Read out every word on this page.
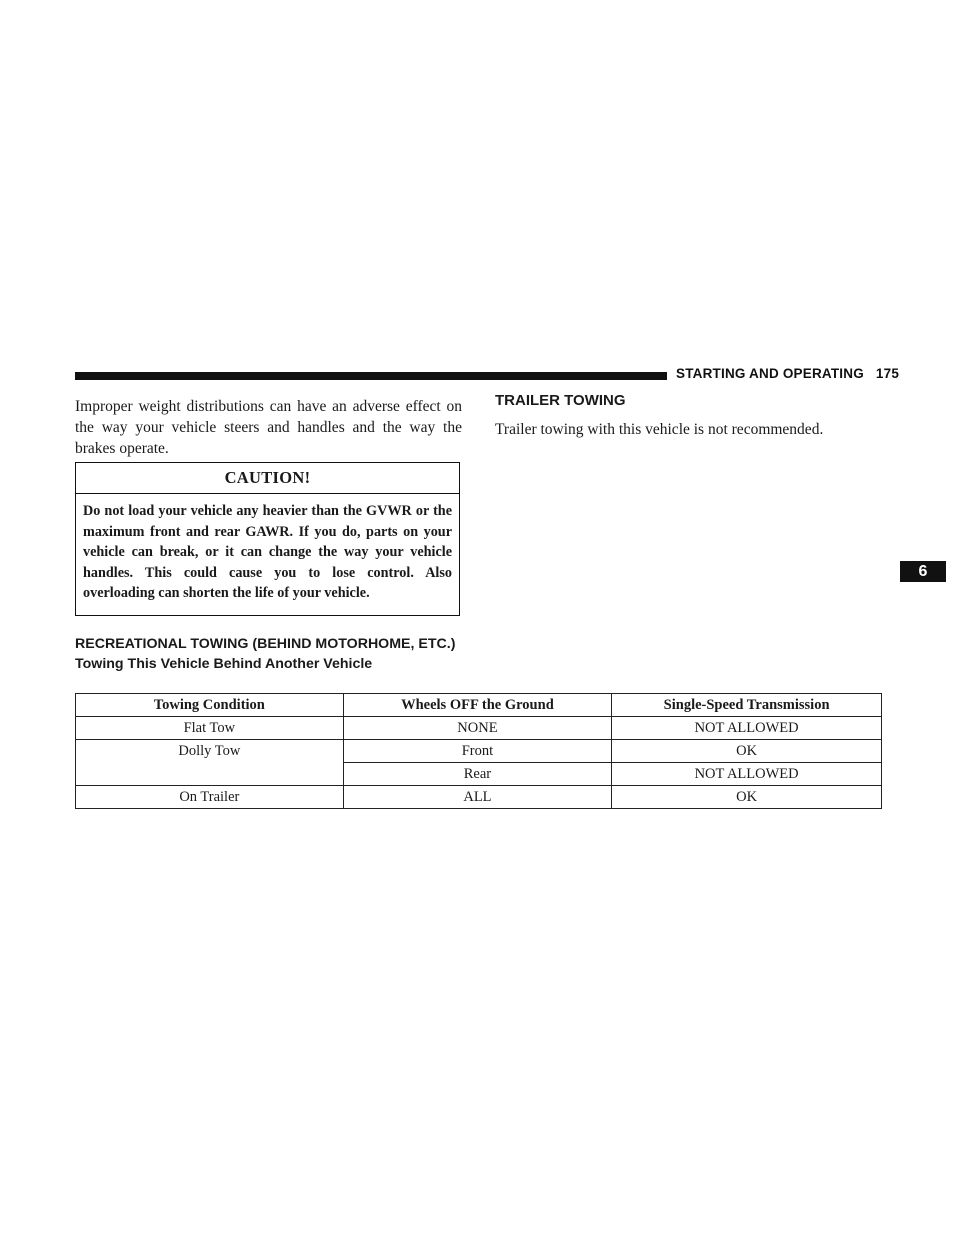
STARTING AND OPERATING 175
Improper weight distributions can have an adverse effect on the way your vehicle steers and handles and the way the brakes operate.
CAUTION!
Do not load your vehicle any heavier than the GVWR or the maximum front and rear GAWR. If you do, parts on your vehicle can break, or it can change the way your vehicle handles. This could cause you to lose control. Also overloading can shorten the life of your vehicle.
TRAILER TOWING
Trailer towing with this vehicle is not recommended.
RECREATIONAL TOWING (BEHIND MOTORHOME, ETC.)
Towing This Vehicle Behind Another Vehicle
Towing Condition	Wheels OFF the Ground	Single-Speed Transmission
Flat Tow	NONE	NOT ALLOWED
Dolly Tow	Front	OK
	Rear	NOT ALLOWED
On Trailer	ALL	OK
6
